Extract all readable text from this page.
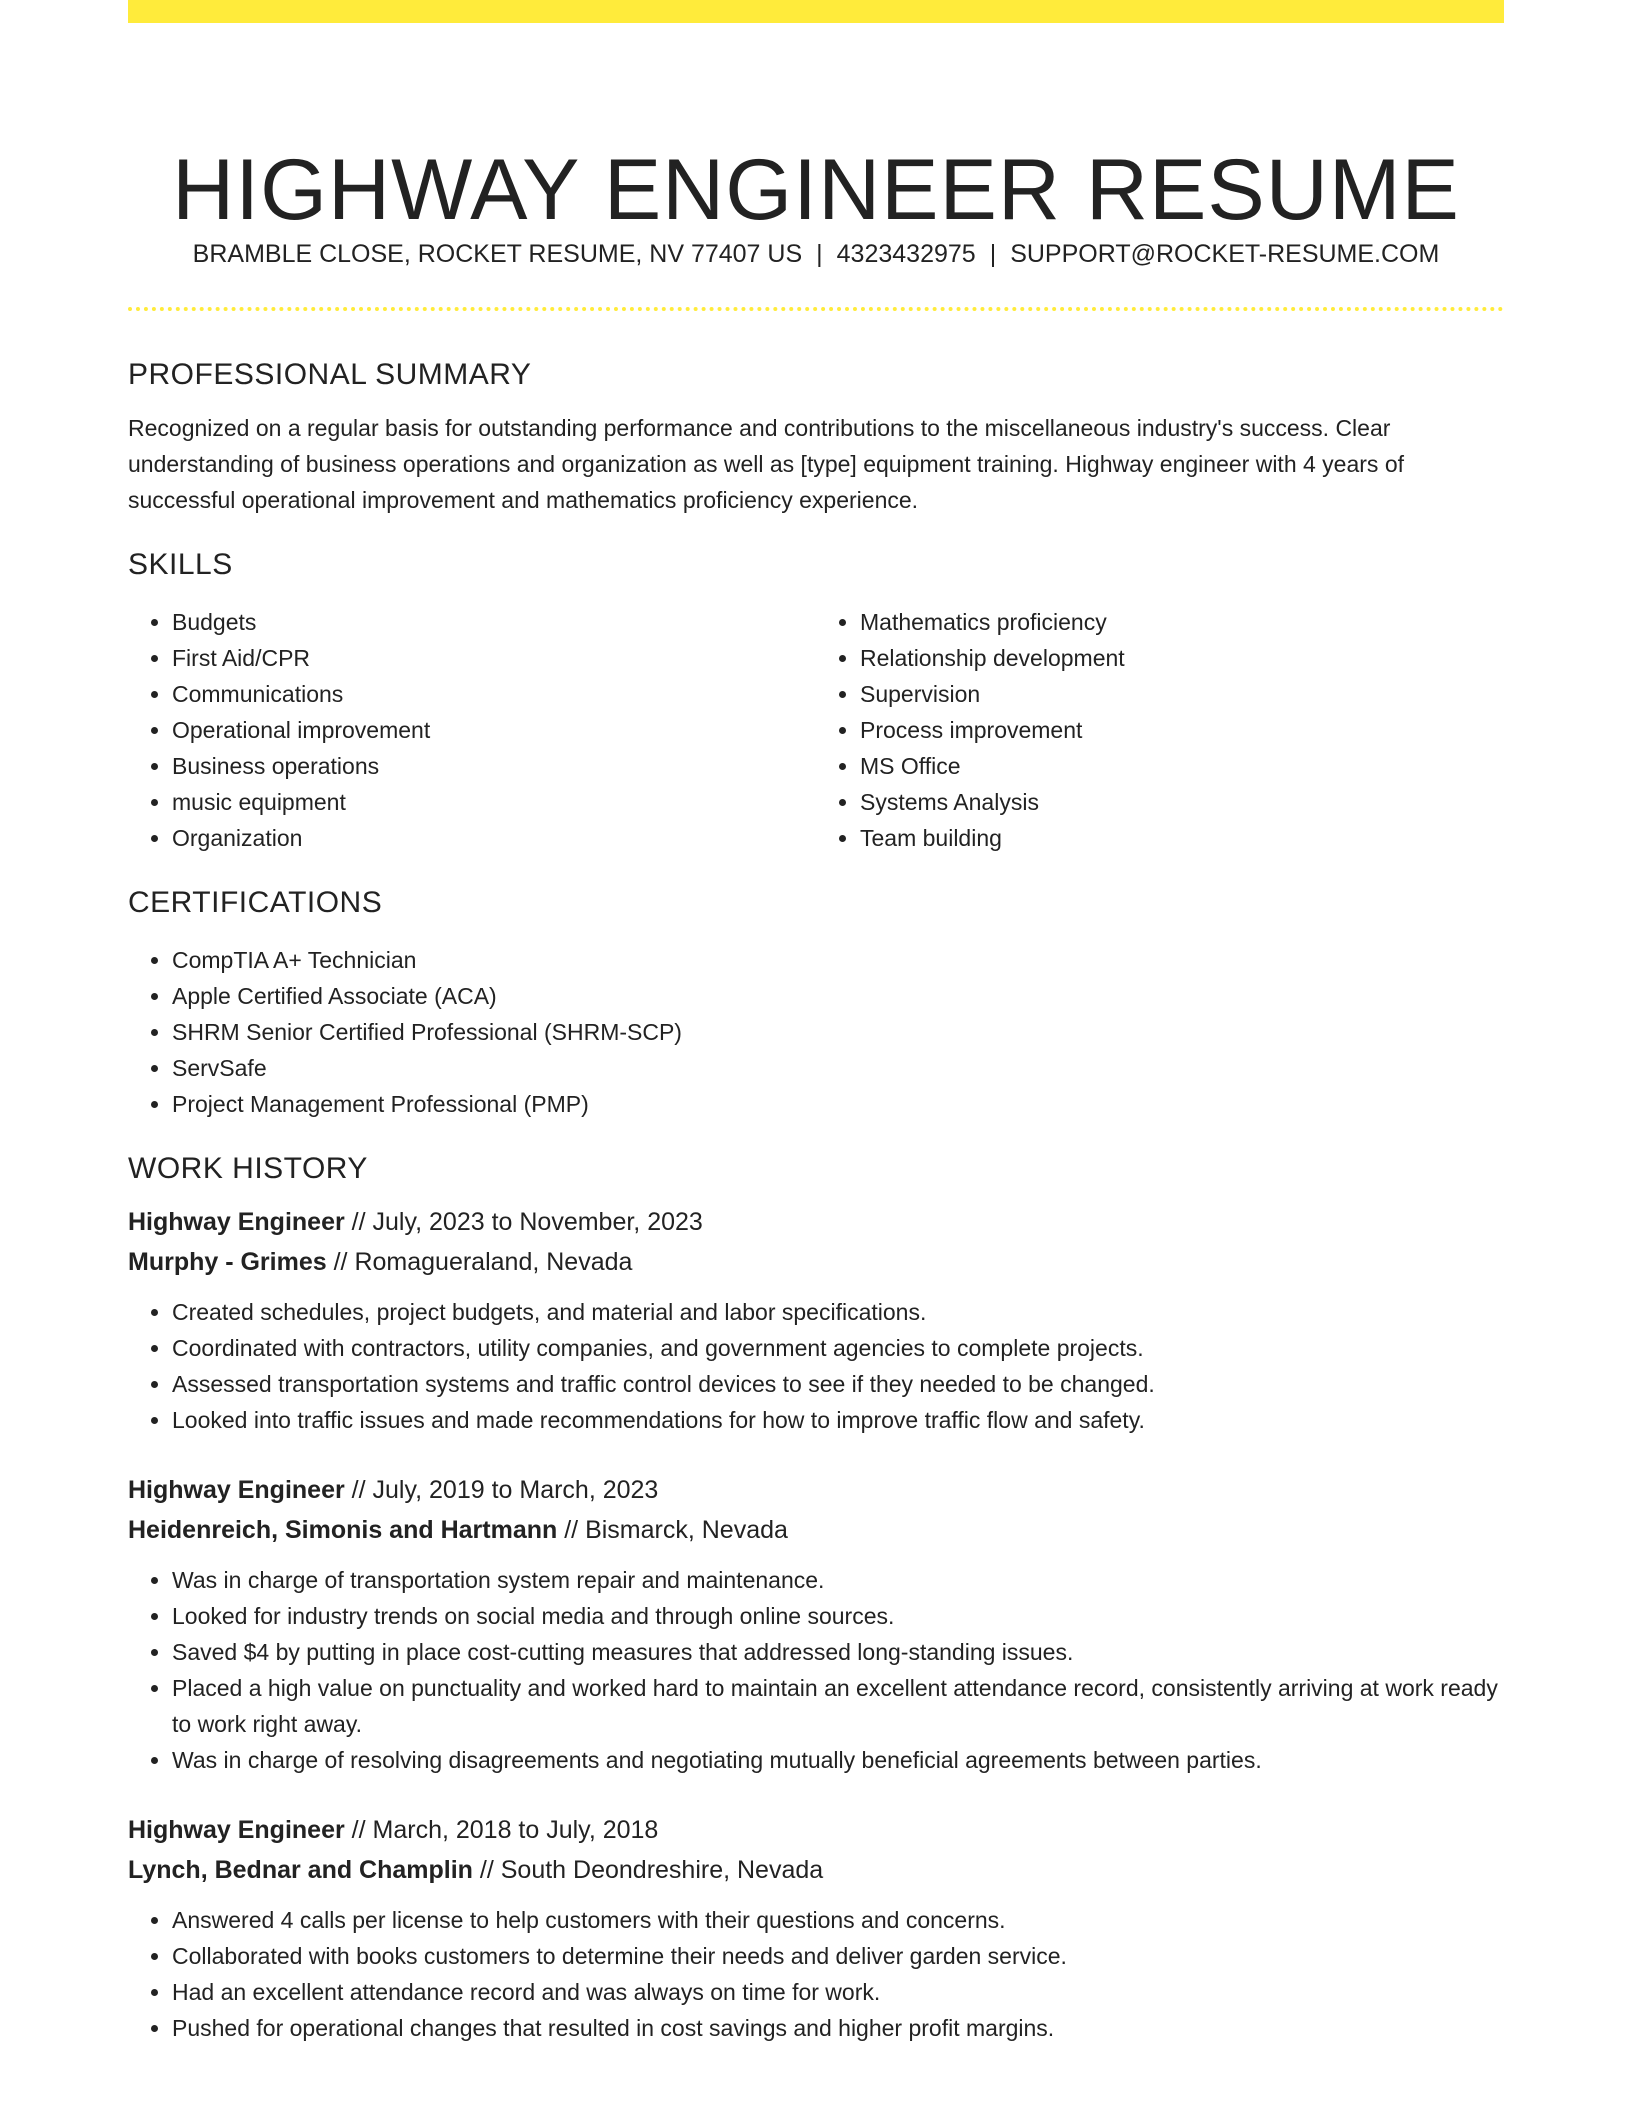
HIGHWAY ENGINEER RESUME
BRAMBLE CLOSE, ROCKET RESUME, NV 77407 US | 4323432975 | SUPPORT@ROCKET-RESUME.COM
PROFESSIONAL SUMMARY

Recognized on a regular basis for outstanding performance and contributions to the miscellaneous industry's success. Clear understanding of business operations and organization as well as [type] equipment training. Highway engineer with 4 years of successful operational improvement and mathematics proficiency experience.

SKILLS
• Budgets
• First Aid/CPR
• Communications
• Operational improvement
• Business operations
• music equipment
• Organization
• Mathematics proficiency
• Relationship development
• Supervision
• Process improvement
• MS Office
• Systems Analysis
• Team building
CERTIFICATIONS
• CompTIA A+ Technician
• Apple Certified Associate (ACA)
• SHRM Senior Certified Professional (SHRM-SCP)
• ServSafe
• Project Management Professional (PMP)
WORK HISTORY
Highway Engineer // July, 2023 to November, 2023
Murphy - Grimes // Romagueraland, Nevada
• Created schedules, project budgets, and material and labor specifications.
• Coordinated with contractors, utility companies, and government agencies to complete projects.
• Assessed transportation systems and traffic control devices to see if they needed to be changed.
• Looked into traffic issues and made recommendations for how to improve traffic flow and safety.
Highway Engineer // July, 2019 to March, 2023
Heidenreich, Simonis and Hartmann // Bismarck, Nevada
• Was in charge of transportation system repair and maintenance.
• Looked for industry trends on social media and through online sources.
• Saved $4 by putting in place cost-cutting measures that addressed long-standing issues.
• Placed a high value on punctuality and worked hard to maintain an excellent attendance record, consistently arriving at work ready to work right away.
• Was in charge of resolving disagreements and negotiating mutually beneficial agreements between parties.
Highway Engineer // March, 2018 to July, 2018
Lynch, Bednar and Champlin // South Deondreshire, Nevada
• Answered 4 calls per license to help customers with their questions and concerns.
• Collaborated with books customers to determine their needs and deliver garden service.
• Had an excellent attendance record and was always on time for work.
• Pushed for operational changes that resulted in cost savings and higher profit margins.
